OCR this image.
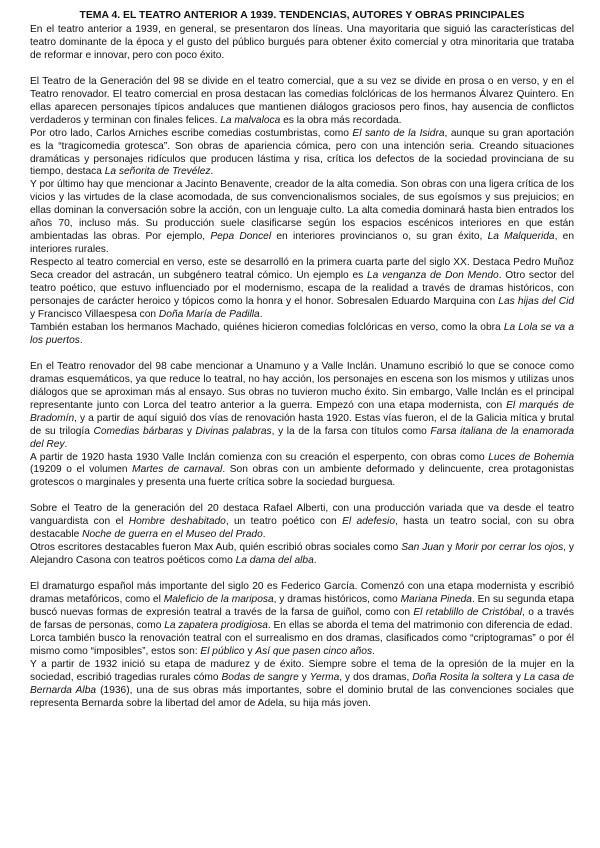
TEMA 4. EL TEATRO ANTERIOR A 1939. TENDENCIAS, AUTORES Y OBRAS PRINCIPALES

En el teatro anterior a 1939, en general, se presentaron dos líneas. Una mayoritaria que siguió las características del teatro dominante de la época y el gusto del público burgués para obtener éxito comercial y otra minoritaria que trataba de reformar e innovar, pero con poco éxito.

El Teatro de la Generación del 98 se divide en el teatro comercial, que a su vez se divide en prosa o en verso, y en el Teatro renovador. El teatro comercial en prosa destacan las comedias folclóricas de los hermanos Álvarez Quintero. En ellas aparecen personajes típicos andaluces que mantienen diálogos graciosos pero finos, hay ausencia de conflictos verdaderos y terminan con finales felices. La malvaloca es la obra más recordada.

Por otro lado, Carlos Arniches escribe comedias costumbristas, como El santo de la Isidra, aunque su gran aportación es la “tragicomedia grotesca”. Son obras de apariencia cómica, pero con una intención seria. Creando situaciones dramáticas y personajes ridículos que producen lástima y risa, crítica los defectos de la sociedad provinciana de su tiempo, destaca La señorita de Trevélez.

Y por último hay que mencionar a Jacinto Benavente, creador de la alta comedia. Son obras con una ligera crítica de los vicios y las virtudes de la clase acomodada, de sus convencionalismos sociales, de sus egoísmos y sus prejuicios; en ellas dominan la conversación sobre la acción, con un lenguaje culto. La alta comedia dominará hasta bien entrados los años 70, incluso más. Su producción suele clasificarse según los espacios escénicos interiores en que están ambientadas las obras. Por ejemplo, Pepa Doncel en interiores provincianos o, su gran éxito, La Malquerida, en interiores rurales.

Respecto al teatro comercial en verso, este se desarrolló en la primera cuarta parte del siglo XX. Destaca Pedro Muñoz Seca creador del astracán, un subgénero teatral cómico. Un ejemplo es La venganza de Don Mendo. Otro sector del teatro poético, que estuvo influenciado por el modernismo, escapa de la realidad a través de dramas históricos, con personajes de carácter heroico y tópicos como la honra y el honor. Sobresalen Eduardo Marquina con Las hijas del Cid y Francisco Villaespesa con Doña María de Padilla.

También estaban los hermanos Machado, quiénes hicieron comedias folclóricas en verso, como la obra La Lola se va a los puertos.

En el Teatro renovador del 98 cabe mencionar a Unamuno y a Valle Inclán. Unamuno escribió lo que se conoce como dramas esquemáticos, ya que reduce lo teatral, no hay acción, los personajes en escena son los mismos y utilizas unos diálogos que se aproximan más al ensayo. Sus obras no tuvieron mucho éxito. Sin embargo, Valle Inclán es el principal representante junto con Lorca del teatro anterior a la guerra. Empezó con una etapa modernista, con El marqués de Bradomín, y a partir de aquí siguió dos vías de renovación hasta 1920. Estas vías fueron, el de la Galicia mítica y brutal de su trilogía Comedias bárbaras y Divinas palabras, y la de la farsa con títulos como Farsa italiana de la enamorada del Rey.

A partir de 1920 hasta 1930 Valle Inclán comienza con su creación el esperpento, con obras como Luces de Bohemia (19209 o el volumen Martes de carnaval. Son obras con un ambiente deformado y delincuente, crea protagonistas grotescos o marginales y presenta una fuerte crítica sobre la sociedad burguesa.

Sobre el Teatro de la generación del 20 destaca Rafael Alberti, con una producción variada que va desde el teatro vanguardista con el Hombre deshabitado, un teatro poético con El adefesio, hasta un teatro social, con su obra destacable Noche de guerra en el Museo del Prado.

Otros escritores destacables fueron Max Aub, quién escribió obras sociales como San Juan y Morir por cerrar los ojos, y Alejandro Casona con teatros poéticos como La dama del alba.

El dramaturgo español más importante del siglo 20 es Federico García. Comenzó con una etapa modernista y escribió dramas metafóricos, como el Maleficio de la mariposa, y dramas históricos, como Mariana Pineda. En su segunda etapa buscó nuevas formas de expresión teatral a través de la farsa de guiñol, como con El retablillo de Cristóbal, o a través de farsas de personas, como La zapatera prodigiosa. En ellas se aborda el tema del matrimonio con diferencia de edad.

Lorca también busco la renovación teatral con el surrealismo en dos dramas, clasificados como “criptogramas” o por él mismo como “imposibles”, estos son: El público y Así que pasen cinco años.

Y a partir de 1932 inició su etapa de madurez y de éxito. Siempre sobre el tema de la opresión de la mujer en la sociedad, escribió tragedias rurales cómo Bodas de sangre y Yerma, y dos dramas, Doña Rosita la soltera y La casa de Bernarda Alba (1936), una de sus obras más importantes, sobre el dominio brutal de las convenciones sociales que representa Bernarda sobre la libertad del amor de Adela, su hija más joven.
